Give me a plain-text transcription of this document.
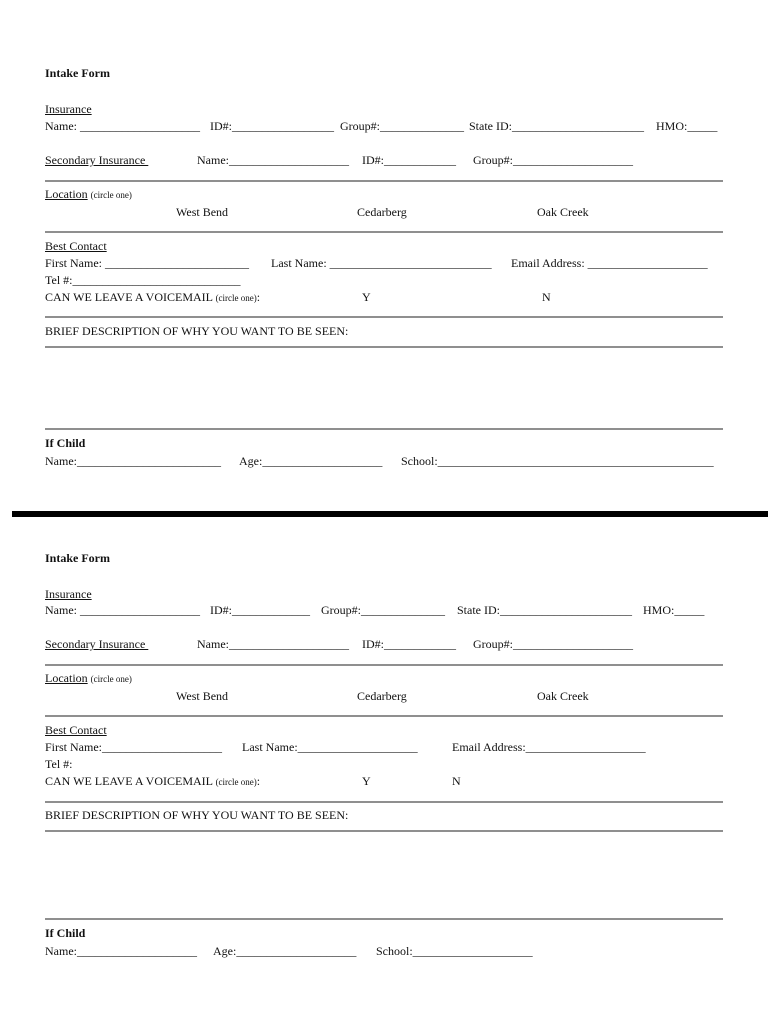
Intake Form
Insurance
Name: ____________________ ID#:_________________ Group#:______________ State ID:______________________ HMO:_____
Secondary Insurance	Name:____________________ ID#:____________ Group#:____________________
Location (circle one)
West Bend	Cedarberg	Oak Creek
Best Contact
First Name: ________________________ Last Name: ___________________________ Email Address: ____________________
Tel #:____________________________
CAN WE LEAVE A VOICEMAIL (circle one):	Y	N
BRIEF DESCRIPTION OF WHY YOU WANT TO BE SEEN:
If Child
Name:________________________ Age:____________________ School:______________________________________________
Intake Form
Insurance
Name: ____________________ ID#:_____________ Group#:______________ State ID:______________________ HMO:_____
Secondary Insurance	Name:____________________ ID#:____________ Group#:____________________
Location (circle one)
West Bend	Cedarberg	Oak Creek
Best Contact
First Name:____________________ Last Name:____________________	Email Address:____________________
Tel #:
CAN WE LEAVE A VOICEMAIL (circle one):	Y	N
BRIEF DESCRIPTION OF WHY YOU WANT TO BE SEEN:
If Child
Name:____________________ Age:____________________ School:____________________
